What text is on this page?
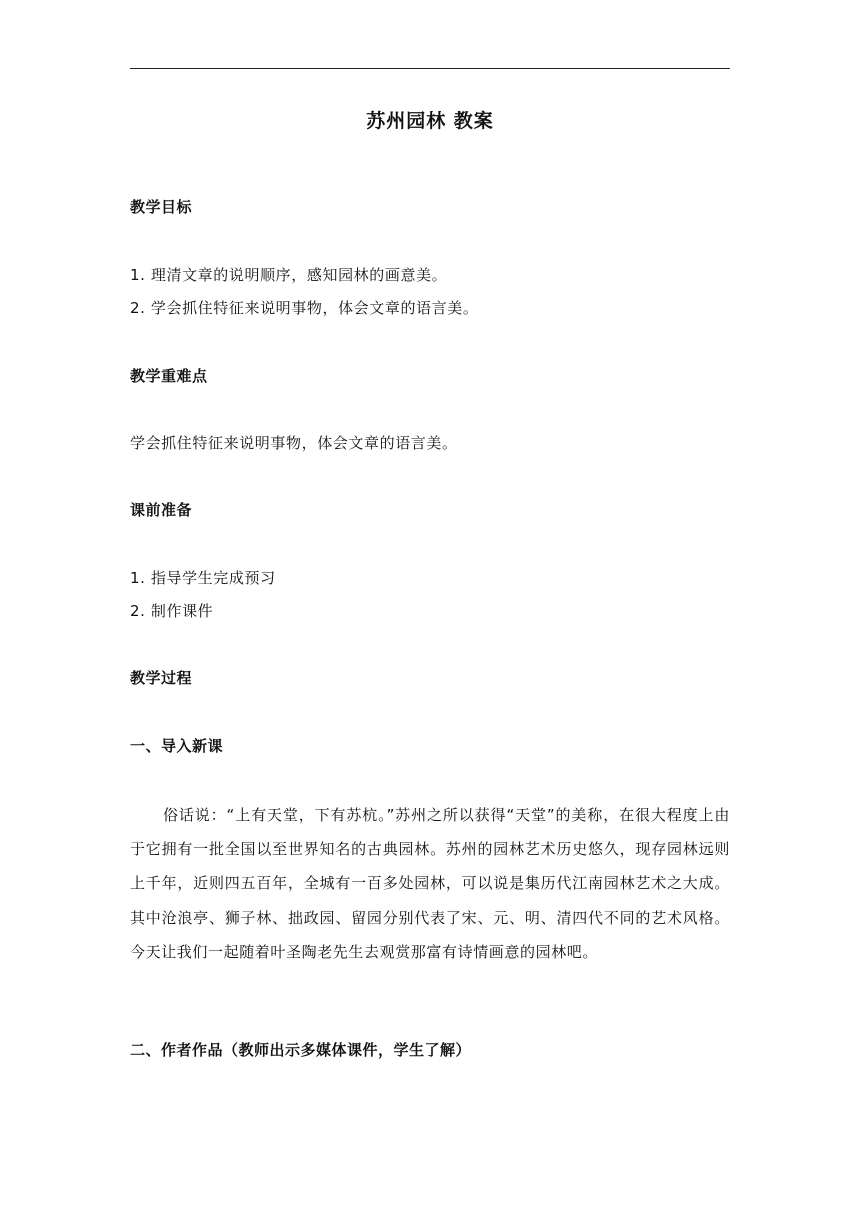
苏州园林 教案
教学目标
1. 理清文章的说明顺序，感知园林的画意美。
2. 学会抓住特征来说明事物，体会文章的语言美。
教学重难点
学会抓住特征来说明事物，体会文章的语言美。
课前准备
1. 指导学生完成预习
2. 制作课件
教学过程
一、导入新课

俗话说：“上有天堂，下有苏杭。”苏州之所以获得“天堂”的美称，在很大程度上由于它拥有一批全国以至世界知名的古典园林。苏州的园林艺术历史悠久，现存园林远则上千年，近则四五百年，全城有一百多处园林，可以说是集历代江南园林艺术之大成。其中沧浪亭、狮子林、拙政园、留园分别代表了宋、元、明、清四代不同的艺术风格。今天让我们一起随着叶圣陶老先生去观赏那富有诗情画意的园林吧。

二、作者作品（教师出示多媒体课件，学生了解）
